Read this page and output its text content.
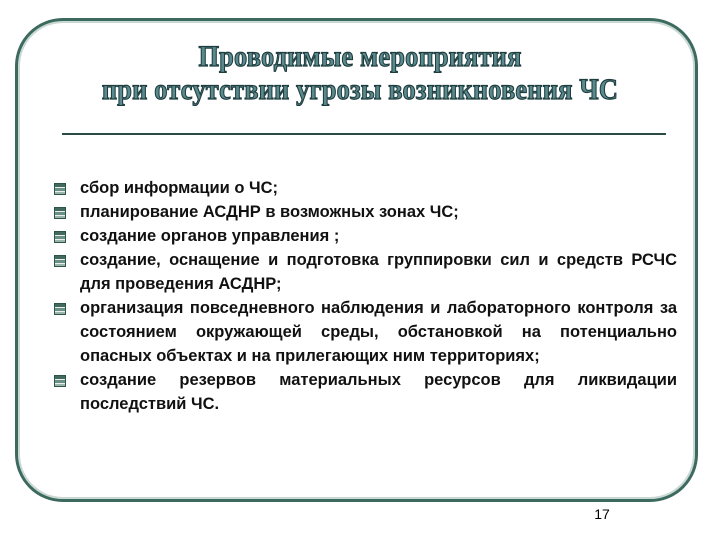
Проводимые мероприятия
при отсутствии угрозы возникновения ЧС
сбор информации о ЧС;
планирование АСДНР в возможных зонах ЧС;
создание органов управления ;
создание, оснащение и подготовка группировки сил и средств РСЧС для проведения АСДНР;
организация повседневного наблюдения и лабораторного контроля за состоянием окружающей среды, обстановкой на потенциально опасных объектах и на прилегающих ним территориях;
создание резервов материальных ресурсов для ликвидации последствий ЧС.
17
